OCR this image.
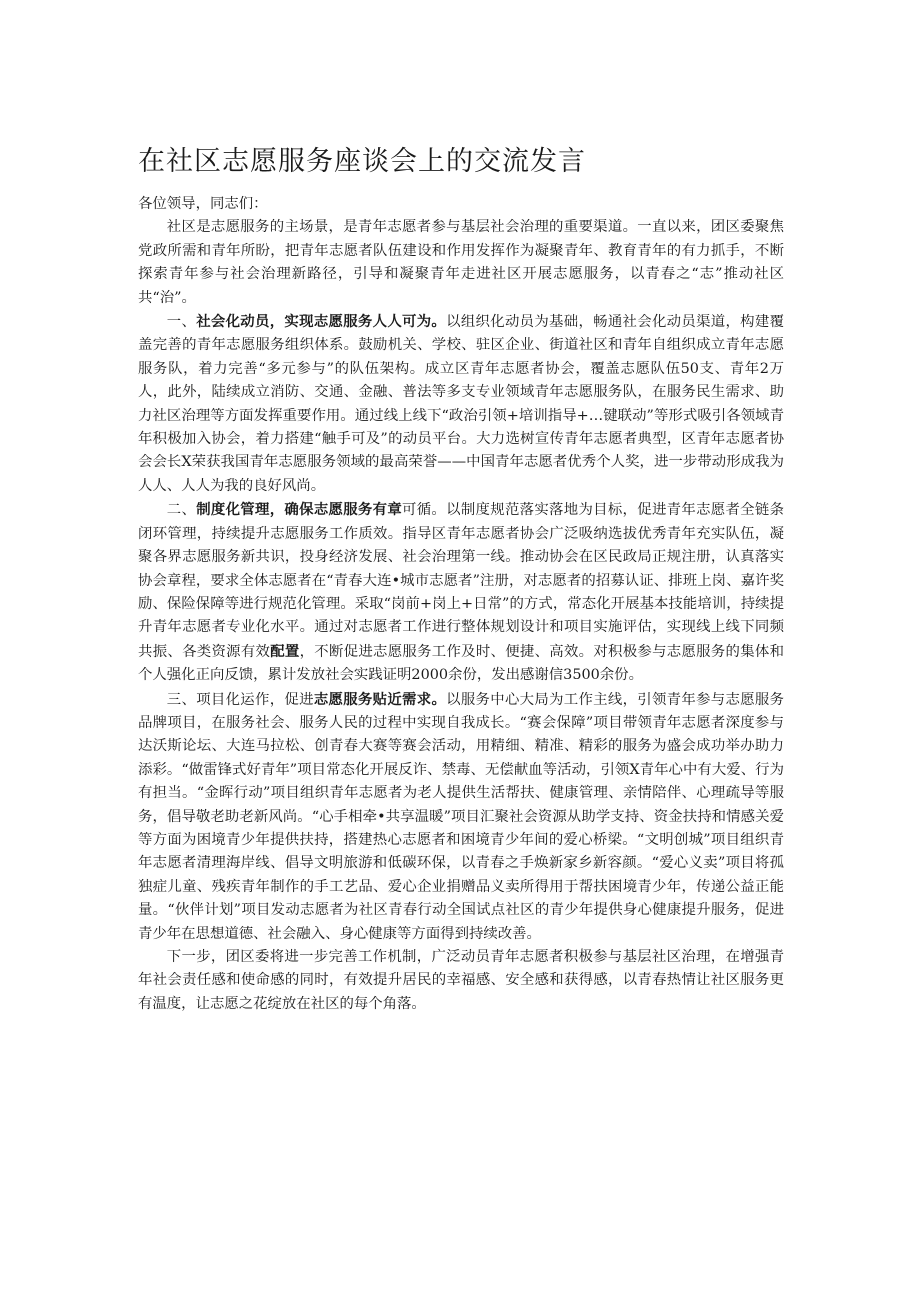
在社区志愿服务座谈会上的交流发言

各位领导，同志们：

社区是志愿服务的主场景，是青年志愿者参与基层社会治理的重要渠道。一直以来，团区委聚焦党政所需和青年所盼，把青年志愿者队伍建设和作用发挥作为凝聚青年、教育青年的有力抓手，不断探索青年参与社会治理新路径，引导和凝聚青年走进社区开展志愿服务，以青春之“志”推动社区共“治”。

一、社会化动员，实现志愿服务人人可为。以组织化动员为基础，畅通社会化动员渠道，构建覆盖完善的青年志愿服务组织体系。鼓励机关、学校、驻区企业、街道社区和青年自组织成立青年志愿服务队，着力完善“多元参与”的队伍架构。成立区青年志愿者协会，覆盖志愿队伍50支、青年2万人，此外，陆续成立消防、交通、金融、普法等多支专业领域青年志愿服务队，在服务民生需求、助力社区治理等方面发挥重要作用。通过线上线下“政治引领+培训指导+…键联动”等形式吸引各领域青年积极加入协会，着力搭建“触手可及”的动员平台。大力选树宣传青年志愿者典型，区青年志愿者协会会长X荣获我国青年志愿服务领域的最高荣誉——中国青年志愿者优秀个人奖，进一步带动形成我为人人、人人为我的良好风尚。

二、制度化管理，确保志愿服务有章可循。以制度规范落实落地为目标，促进青年志愿者全链条闭环管理，持续提升志愿服务工作质效。指导区青年志愿者协会广泛吸纳选拔优秀青年充实队伍，凝聚各界志愿服务新共识，投身经济发展、社会治理第一线。推动协会在区民政局正规注册，认真落实协会章程，要求全体志愿者在“青春大连•城市志愿者”注册，对志愿者的招募认证、排班上岗、嘉许奖励、保险保障等进行规范化管理。采取“岗前+岗上+日常”的方式，常态化开展基本技能培训，持续提升青年志愿者专业化水平。通过对志愿者工作进行整体规划设计和项目实施评估，实现线上线下同频共振、各类资源有效配置，不断促进志愿服务工作及时、便捷、高效。对积极参与志愿服务的集体和个人强化正向反馈，累计发放社会实践证明2000余份，发出感谢信3500余份。

三、项目化运作，促进志愿服务贴近需求。以服务中心大局为工作主线，引领青年参与志愿服务品牌项目，在服务社会、服务人民的过程中实现自我成长。“赛会保障”项目带领青年志愿者深度参与达沃斯论坛、大连马拉松、创青春大赛等赛会活动，用精细、精准、精彩的服务为盛会成功举办助力添彩。“做雷锋式好青年”项目常态化开展反诈、禁毒、无偿献血等活动，引领X青年心中有大爱、行为有担当。“金晖行动”项目组织青年志愿者为老人提供生活帮扶、健康管理、亲情陪伴、心理疏导等服务，倡导敬老助老新风尚。“心手相牵•共享温暖”项目汇聚社会资源从助学支持、资金扶持和情感关爱等方面为困境青少年提供扶持，搭建热心志愿者和困境青少年间的爱心桥梁。“文明创城”项目组织青年志愿者清理海岸线、倡导文明旅游和低碳环保，以青春之手焕新家乡新容颜。“爱心义卖”项目将孤独症儿童、残疾青年制作的手工艺品、爱心企业捐赠品义卖所得用于帮扶困境青少年，传递公益正能量。“伙伴计划”项目发动志愿者为社区青春行动全国试点社区的青少年提供身心健康提升服务，促进青少年在思想道德、社会融入、身心健康等方面得到持续改善。

下一步，团区委将进一步完善工作机制，广泛动员青年志愿者积极参与基层社区治理，在增强青年社会责任感和使命感的同时，有效提升居民的幸福感、安全感和获得感，以青春热情让社区服务更有温度，让志愿之花绽放在社区的每个角落。
